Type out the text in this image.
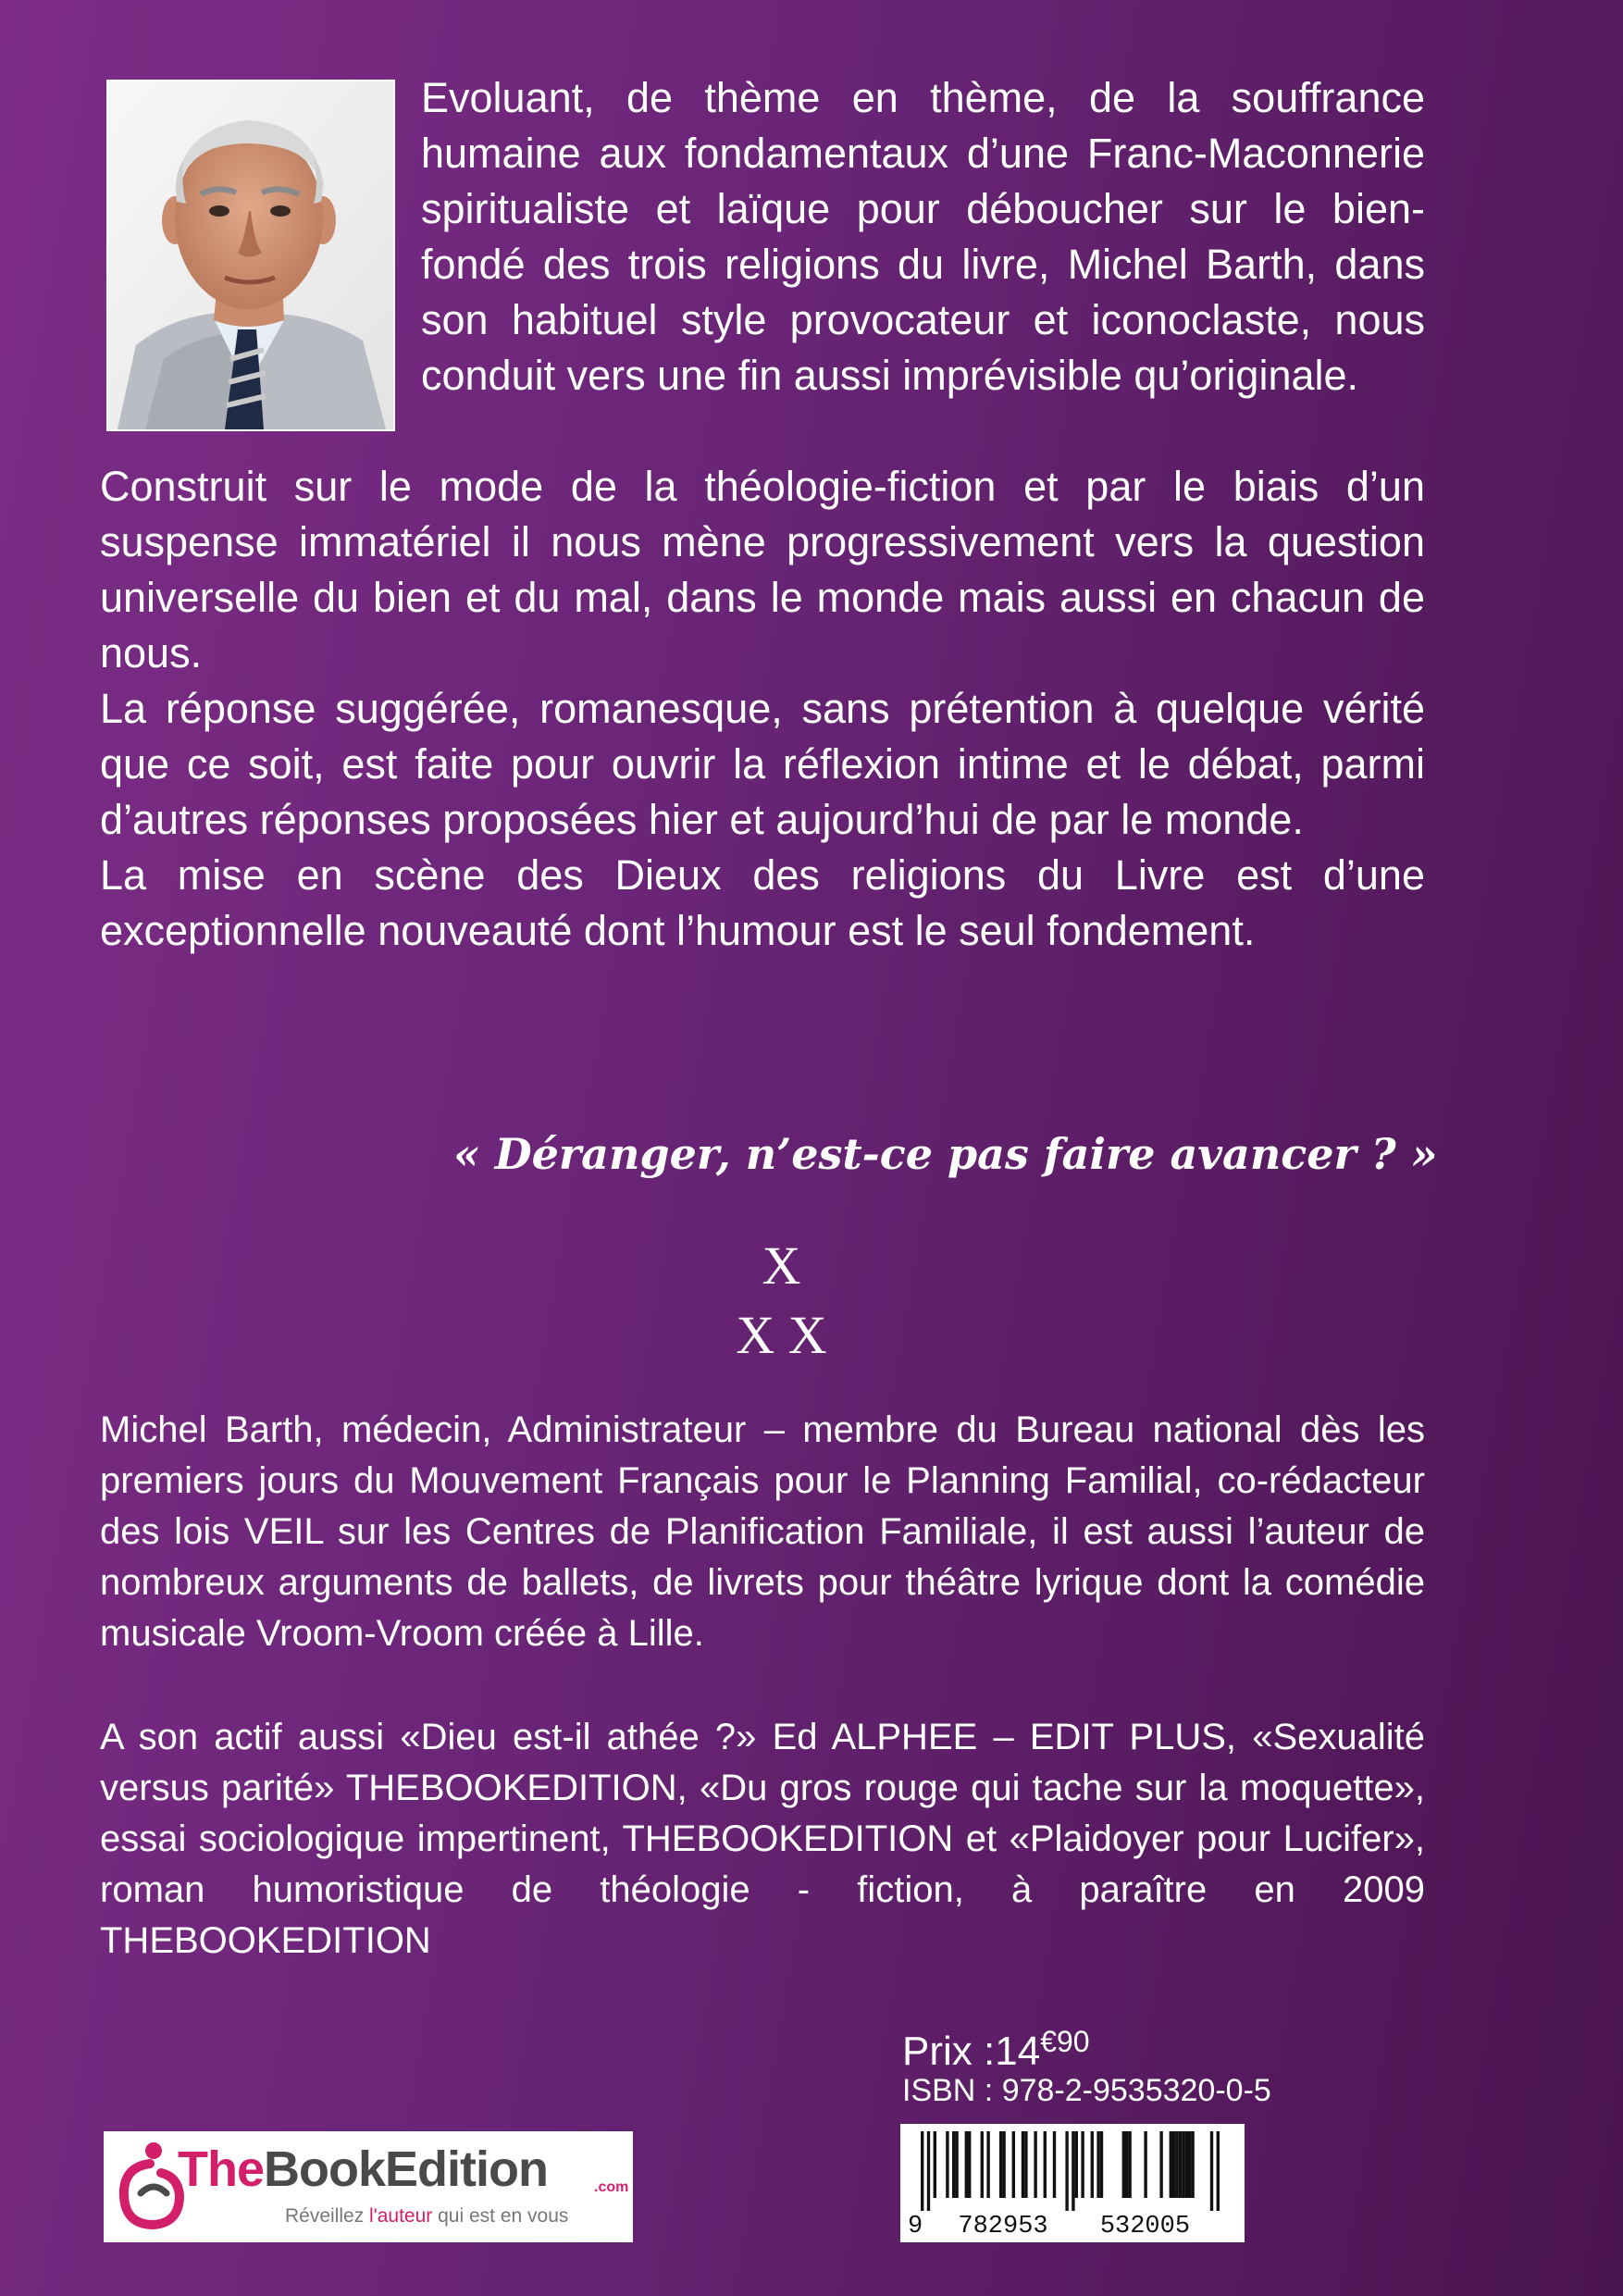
Evoluant, de thème en thème, de la souffrance humaine aux fondamentaux d’une Franc-Maconnerie spiritualiste et laïque pour déboucher sur le bien-fondé des trois religions du livre, Michel Barth, dans son habituel style provocateur et iconoclaste, nous conduit vers une fin aussi imprévisible qu’originale.

Construit sur le mode de la théologie-fiction et par le biais d’un suspense immatériel il nous mène progressivement vers la question universelle du bien et du mal, dans le monde mais aussi en chacun de nous.

La réponse suggérée, romanesque, sans prétention à quelque vérité que ce soit, est faite pour ouvrir la réflexion intime et le débat, parmi d’autres réponses proposées hier et aujourd’hui de par le monde.

La mise en scène des Dieux des religions du Livre est d’une exceptionnelle nouveauté dont l’humour est le seul fondement.

« Déranger, n’est-ce pas faire avancer ? »
X
X X

Michel Barth, médecin, Administrateur – membre du Bureau national dès les premiers jours du Mouvement Français pour le Planning Familial, co-rédacteur des lois VEIL sur les Centres de Planification Familiale, il est aussi l’auteur de nombreux arguments de ballets, de livrets pour théâtre lyrique dont la comédie musicale Vroom-Vroom créée à Lille.

A son actif aussi «Dieu est-il athée ?» Ed ALPHEE – EDIT PLUS, «Sexualité versus parité» THEBOOKEDITION, «Du gros rouge qui tache sur la moquette», essai sociologique impertinent, THEBOOKEDITION et «Plaidoyer pour Lucifer», roman humoristique de théologie - fiction, à paraître en 2009 THEBOOKEDITION

Prix $:14^{€90}$
ISBN : 978-2-9535320-0-5
9 782953 532005
TheBookEdition	.com
Réveillez l'auteur qui est en vous
